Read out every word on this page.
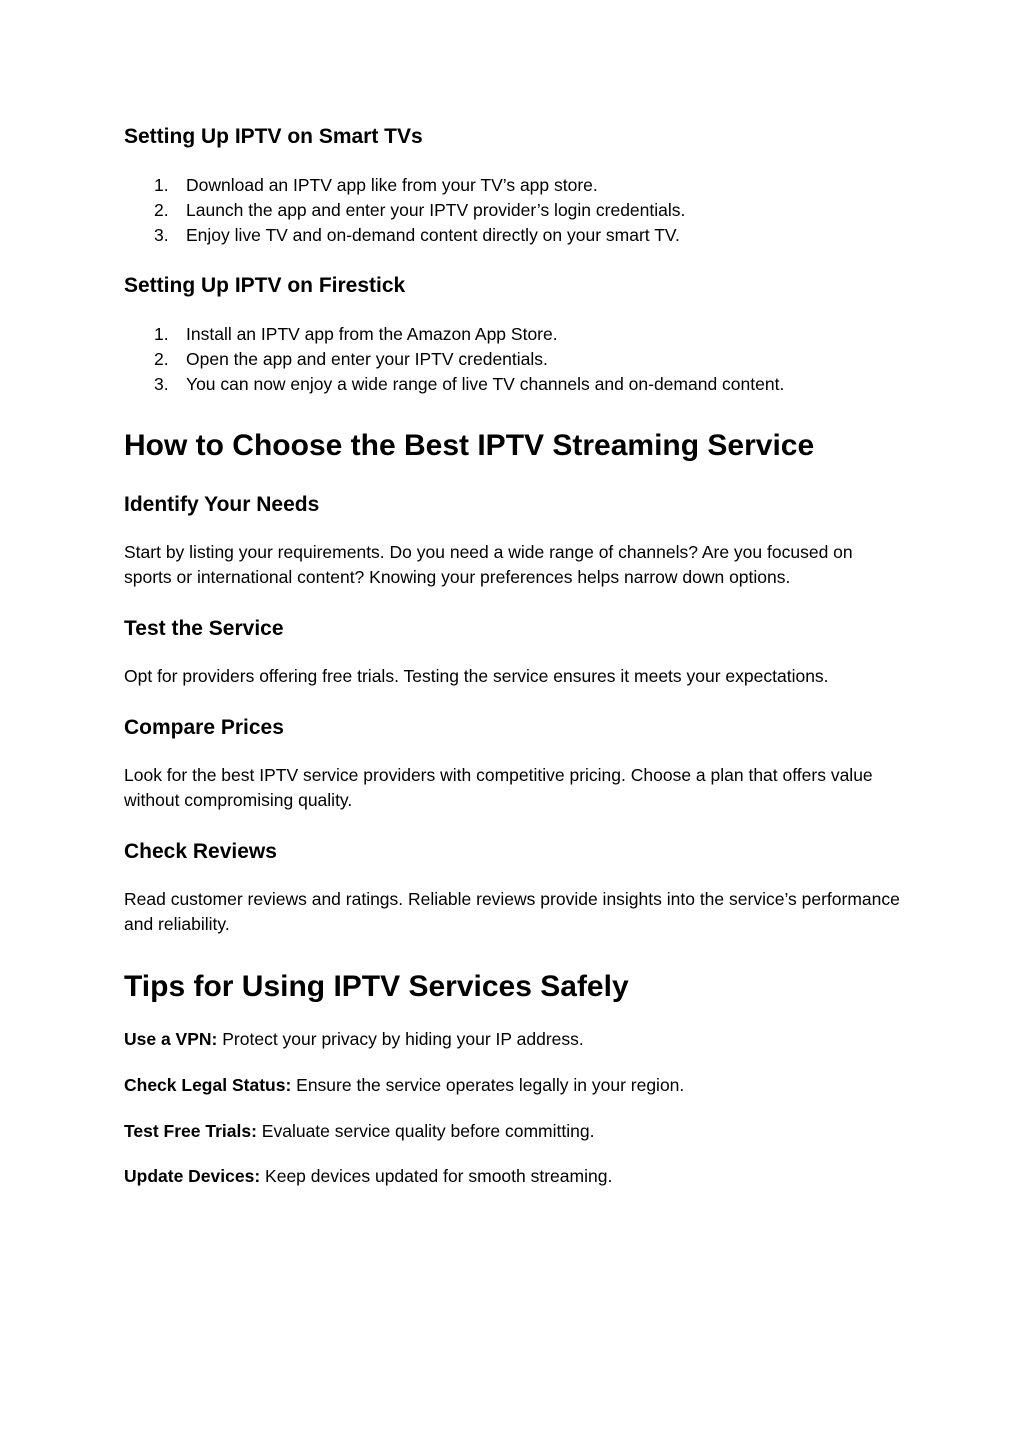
Setting Up IPTV on Smart TVs
1. Download an IPTV app like from your TV’s app store.
2. Launch the app and enter your IPTV provider’s login credentials.
3. Enjoy live TV and on-demand content directly on your smart TV.
Setting Up IPTV on Firestick
1. Install an IPTV app from the Amazon App Store.
2. Open the app and enter your IPTV credentials.
3. You can now enjoy a wide range of live TV channels and on-demand content.
How to Choose the Best IPTV Streaming Service
Identify Your Needs

Start by listing your requirements. Do you need a wide range of channels? Are you focused on sports or international content? Knowing your preferences helps narrow down options.

Test the Service

Opt for providers offering free trials. Testing the service ensures it meets your expectations.

Compare Prices

Look for the best IPTV service providers with competitive pricing. Choose a plan that offers value without compromising quality.

Check Reviews

Read customer reviews and ratings. Reliable reviews provide insights into the service’s performance and reliability.

Tips for Using IPTV Services Safely

Use a VPN: Protect your privacy by hiding your IP address.

Check Legal Status: Ensure the service operates legally in your region.

Test Free Trials: Evaluate service quality before committing.

Update Devices: Keep devices updated for smooth streaming.
